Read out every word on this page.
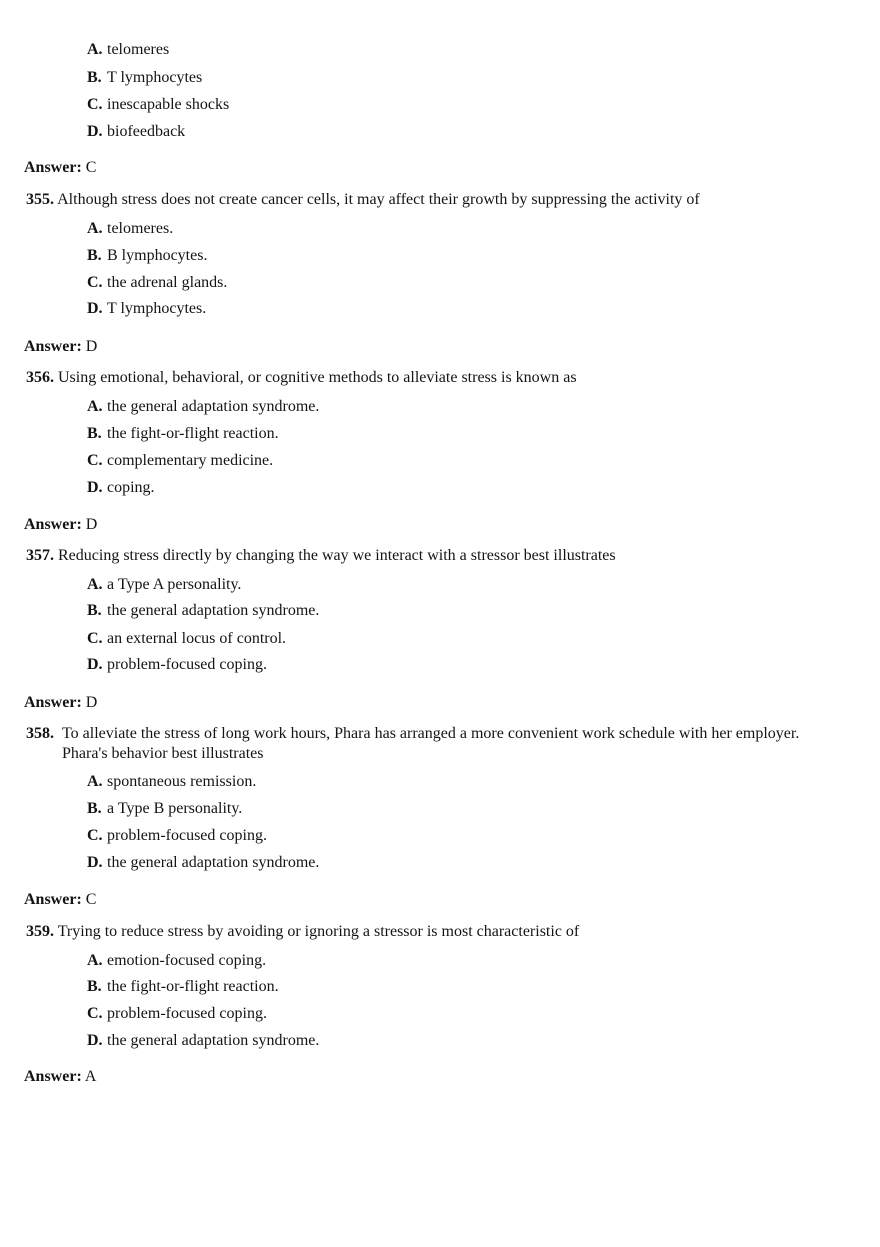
A. telomeres
B. T lymphocytes
C. inescapable shocks
D. biofeedback
Answer: C
355. Although stress does not create cancer cells, it may affect their growth by suppressing the activity of
A. telomeres.
B. B lymphocytes.
C. the adrenal glands.
D. T lymphocytes.
Answer: D
356. Using emotional, behavioral, or cognitive methods to alleviate stress is known as
A. the general adaptation syndrome.
B. the fight-or-flight reaction.
C. complementary medicine.
D. coping.
Answer: D
357. Reducing stress directly by changing the way we interact with a stressor best illustrates
A. a Type A personality.
B. the general adaptation syndrome.
C. an external locus of control.
D. problem-focused coping.
Answer: D
358. To alleviate the stress of long work hours, Phara has arranged a more convenient work schedule with her employer. Phara's behavior best illustrates
A. spontaneous remission.
B. a Type B personality.
C. problem-focused coping.
D. the general adaptation syndrome.
Answer: C
359. Trying to reduce stress by avoiding or ignoring a stressor is most characteristic of
A. emotion-focused coping.
B. the fight-or-flight reaction.
C. problem-focused coping.
D. the general adaptation syndrome.
Answer: A
